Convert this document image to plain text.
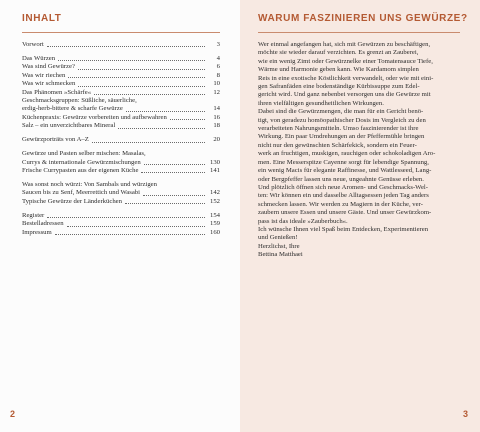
INHALT
Vorwort	3
Das Würzen	4
Was sind Gewürze?	6
Was wir riechen	8
Was wir schmecken	10
Das Phänomen »Schärfe«	12
Geschmacksgruppen: Süßliche, säuerliche,
erdig-herb-bittere & scharfe Gewürze	14
Küchenpraxis: Gewürze vorbereiten und aufbewahren	16
Salz – ein unverzichtbares Mineral	18
Gewürzporträts von A–Z	20
Gewürze und Pasten selber mischen: Masalas,
Currys & internationale Gewürzmischungen	130
Frische Currypasten aus der eigenen Küche	141
Was sonst noch würzt: Von Sambals und würzigen
Saucen bis zu Senf, Meerrettich und Wasabi	142
Typische Gewürze der Länderküchen	152
Register	154
Bestelladressen	159
Impressum	160
2
WARUM FASZINIEREN UNS GEWÜRZE?

Wer einmal angefangen hat, sich mit Gewürzen zu beschäftigen,
möchte sie wieder darauf verzichten. Es grenzt an Zauberei,
wie ein wenig Zimt oder Gewürznelke einer Tomatensauce Tiefe,
Wärme und Harmonie geben kann. Wie Kardamom simplen
Reis in eine exotische Köstlichkeit verwandelt, oder wie mit eini-
gen Safranfäden eine bodenständige Kürbissuppe zum Edel-
gericht wird. Und ganz nebenbei versorgen uns die Gewürze mit
ihren vielfältigen gesundheitlichen Wirkungen.
Dabei sind die Gewürzmengen, die man für ein Gericht benö-
tigt, von geradezu homöopathischer Dosis im Vergleich zu den
verarbeiteten Nahrungsmitteln. Umso faszinierender ist ihre
Wirkung. Ein paar Umdrehungen an der Pfeffermühle bringen
nicht nur den gewünschten Schärfekick, sondern ein Feuer-
werk an fruchtigen, muskigen, rauchigen oder schokoladigen Aro-
men. Eine Messerspitze Cayenne sorgt für lebendige Spannung,
ein wenig Macis für elegante Raffinesse, und Wattlesseed, Lang-
oder Bergpfeffer lassen uns neue, ungeahnte Genüsse erleben.
Und plötzlich öffnen sich neue Aromen- und Geschmacks-Wel-
ten: Wir können ein und dasselbe Alltagsessen jeden Tag anders
schmecken lassen. Wir werden zu Magiern in der Küche, ver-
zaubern unsere Essen und unsere Gäste. Und unser Gewürzkom-
pass ist das ideale »Zauberbuch«.
Ich wünsche Ihnen viel Spaß beim Entdecken, Experimentieren
und Genießen!

Herzlichst, Ihre
Bettina Matthaei

3
